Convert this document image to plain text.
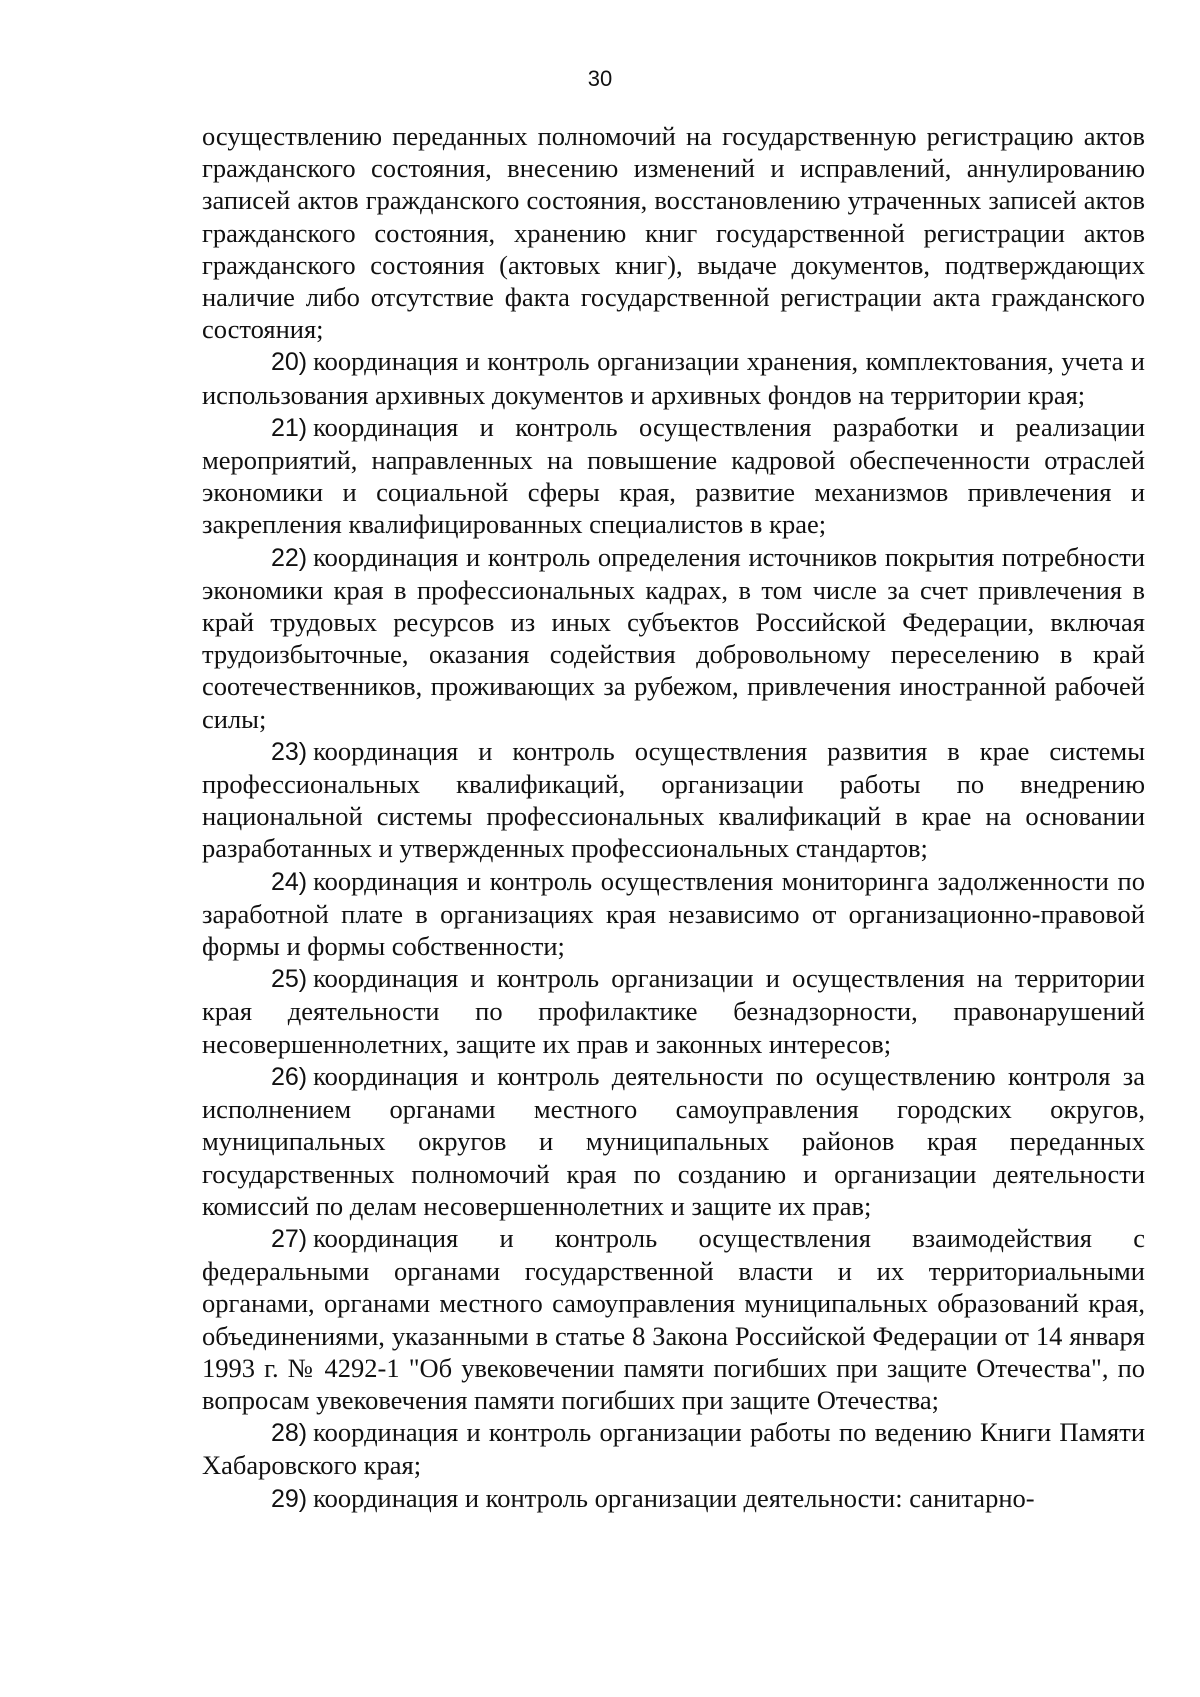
30

осуществлению переданных полномочий на государственную регистрацию актов гражданского состояния, внесению изменений и исправлений, аннулированию записей актов гражданского состояния, восстановлению утраченных записей актов гражданского состояния, хранению книг государственной регистрации актов гражданского состояния (актовых книг), выдаче документов, подтверждающих наличие либо отсутствие факта государственной регистрации акта гражданского состояния;

20) координация и контроль организации хранения, комплектования, учета и использования архивных документов и архивных фондов на территории края;

21) координация и контроль осуществления разработки и реализации мероприятий, направленных на повышение кадровой обеспеченности отраслей экономики и социальной сферы края, развитие механизмов привлечения и закрепления квалифицированных специалистов в крае;

22) координация и контроль определения источников покрытия потребности экономики края в профессиональных кадрах, в том числе за счет привлечения в край трудовых ресурсов из иных субъектов Российской Федерации, включая трудоизбыточные, оказания содействия добровольному переселению в край соотечественников, проживающих за рубежом, привлечения иностранной рабочей силы;

23) координация и контроль осуществления развития в крае системы профессиональных квалификаций, организации работы по внедрению национальной системы профессиональных квалификаций в крае на основании разработанных и утвержденных профессиональных стандартов;

24) координация и контроль осуществления мониторинга задолженности по заработной плате в организациях края независимо от организационно-правовой формы и формы собственности;

25) координация и контроль организации и осуществления на территории края деятельности по профилактике безнадзорности, правонарушений несовершеннолетних, защите их прав и законных интересов;

26) координация и контроль деятельности по осуществлению контроля за исполнением органами местного самоуправления городских округов, муниципальных округов и муниципальных районов края переданных государственных полномочий края по созданию и организации деятельности комиссий по делам несовершеннолетних и защите их прав;

27) координация и контроль осуществления взаимодействия с федеральными органами государственной власти и их территориальными органами, органами местного самоуправления муниципальных образований края, объединениями, указанными в статье 8 Закона Российской Федерации от 14 января 1993 г. № 4292-1 "Об увековечении памяти погибших при защите Отечества", по вопросам увековечения памяти погибших при защите Отечества;

28) координация и контроль организации работы по ведению Книги Памяти Хабаровского края;

29) координация и контроль организации деятельности: санитарно-
